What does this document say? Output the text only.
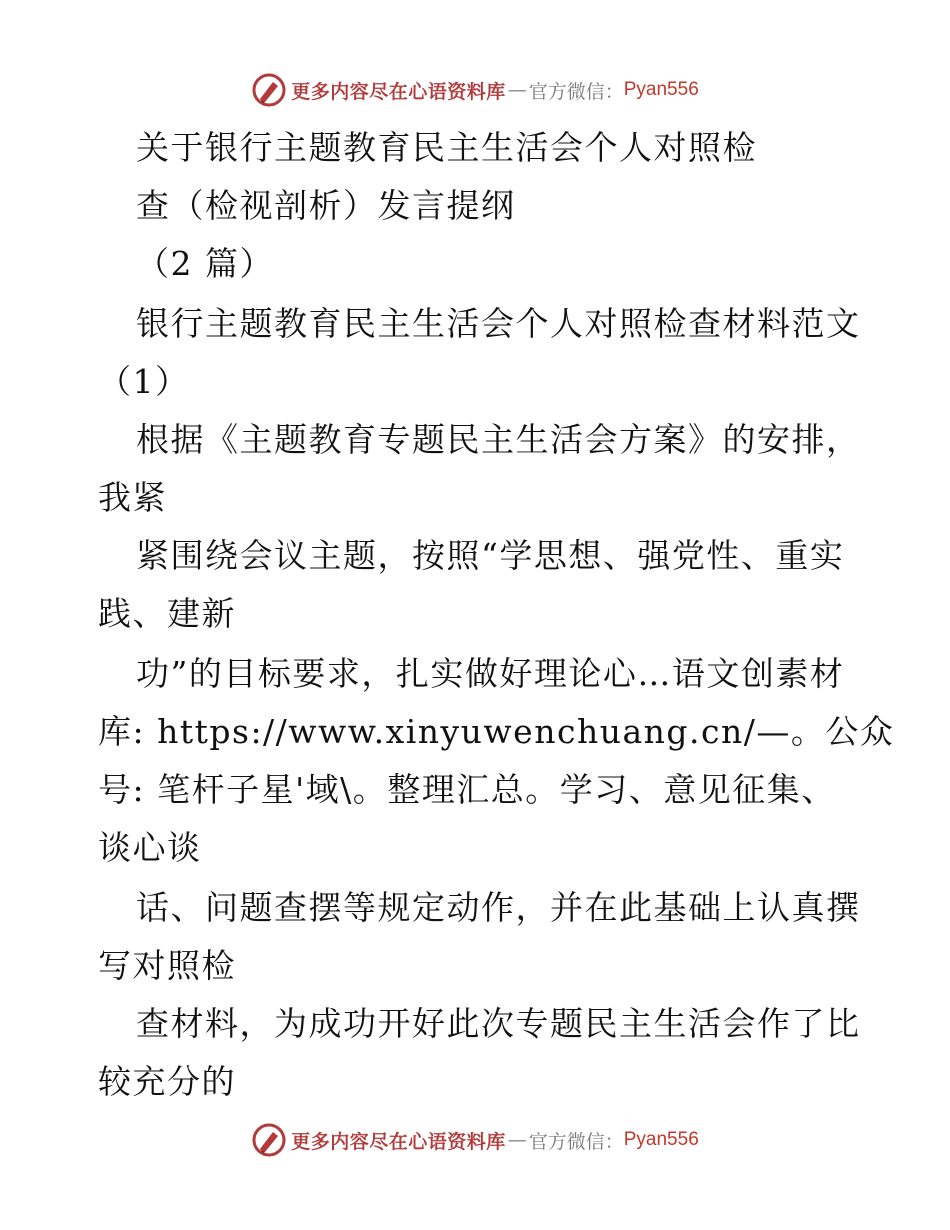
更多内容尽在心语资料库 — 官方微信： Pyan556
关于银行主题教育民主生活会个人对照检
查（检视剖析）发言提纲
（2 篇）
银行主题教育民主生活会个人对照检查材料范文
（1）
根据《主题教育专题民主生活会方案》的安排，
我紧
紧围绕会议主题，按照“学思想、强党性、重实
践、建新
功”的目标要求，扎实做好理论心…语文创素材
库: https://www.xinyuwenchuang.cn/—。公众
号: 笔杆子星'域\。整理汇总。学习、意见征集、
谈心谈
话、问题查摆等规定动作，并在此基础上认真撰
写对照检
查材料，为成功开好此次专题民主生活会作了比
较充分的
更多内容尽在心语资料库 — 官方微信： Pyan556
